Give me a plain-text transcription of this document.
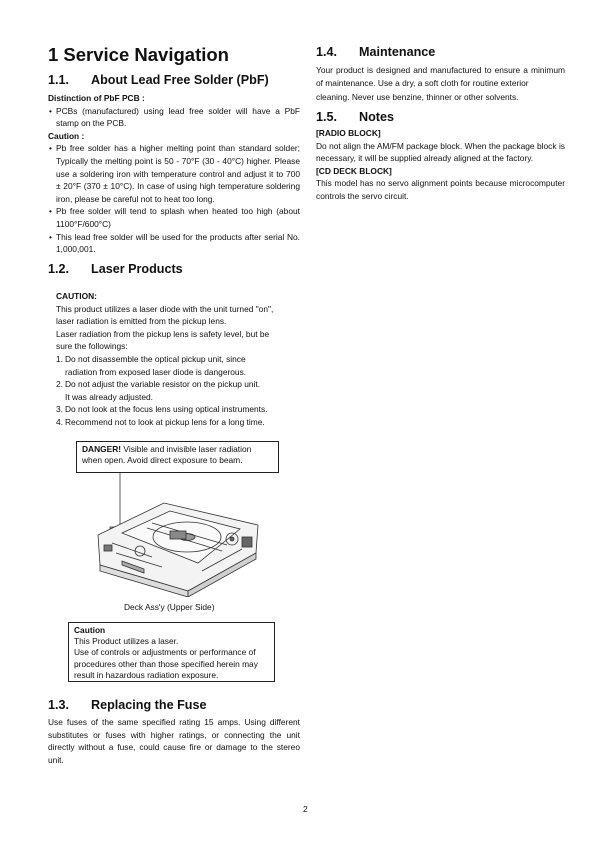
1 Service Navigation
1.1. About Lead Free Solder (PbF)

Distinction of PbF PCB :

• PCBs (manufactured) using lead free solder will have a PbF stamp on the PCB.

Caution :

• Pb free solder has a higher melting point than standard solder; Typically the melting point is 50 - 70°F (30 - 40°C) higher. Please use a soldering iron with temperature control and adjust it to 700 ± 20°F (370 ± 10°C). In case of using high temperature soldering iron, please be careful not to heat too long.
• Pb free solder will tend to splash when heated too high (about 1100°F/600°C)
• This lead free solder will be used for the products after serial No. 1,000,001.
1.2. Laser Products

CAUTION:

This product utilizes a laser diode with the unit turned "on",

laser radiation is emitted from the pickup lens.

Laser radiation from the pickup lens is safety level, but be

sure the followings:

1. Do not disassemble the optical pickup unit, since
radiation from exposed laser diode is dangerous.
2. Do not adjust the variable resistor on the pickup unit.
It was already adjusted.
3. Do not look at the focus lens using optical instruments.
4. Recommend not to look at pickup lens for a long time.
DANGER! Visible and invisible laser radiation
when open. Avoid direct exposure to beam.
Deck Ass'y (Upper Side)
Caution
This Product utilizes a laser.
Use of controls or adjustments or performance of
procedures other than those specified herein may
result in hazardous radiation exposure.
1.3. Replacing the Fuse
Use fuses of the same specified rating 15 amps. Using different substitutes or fuses with higher ratings, or connecting the unit directly without a fuse, could cause fire or damage to the stereo unit.
1.4. Maintenance
Your product is designed and manufactured to ensure a minimum of maintenance. Use a dry, a soft cloth for routine exterior
cleaning. Never use benzine, thinner or other solvents.
1.5. Notes

[RADIO BLOCK]

Do not align the AM/FM package block. When the package block is necessary, it will be supplied already aligned at the factory.

[CD DECK BLOCK]

This model has no servo alignment points because microcomputer controls the servo circuit.

2
